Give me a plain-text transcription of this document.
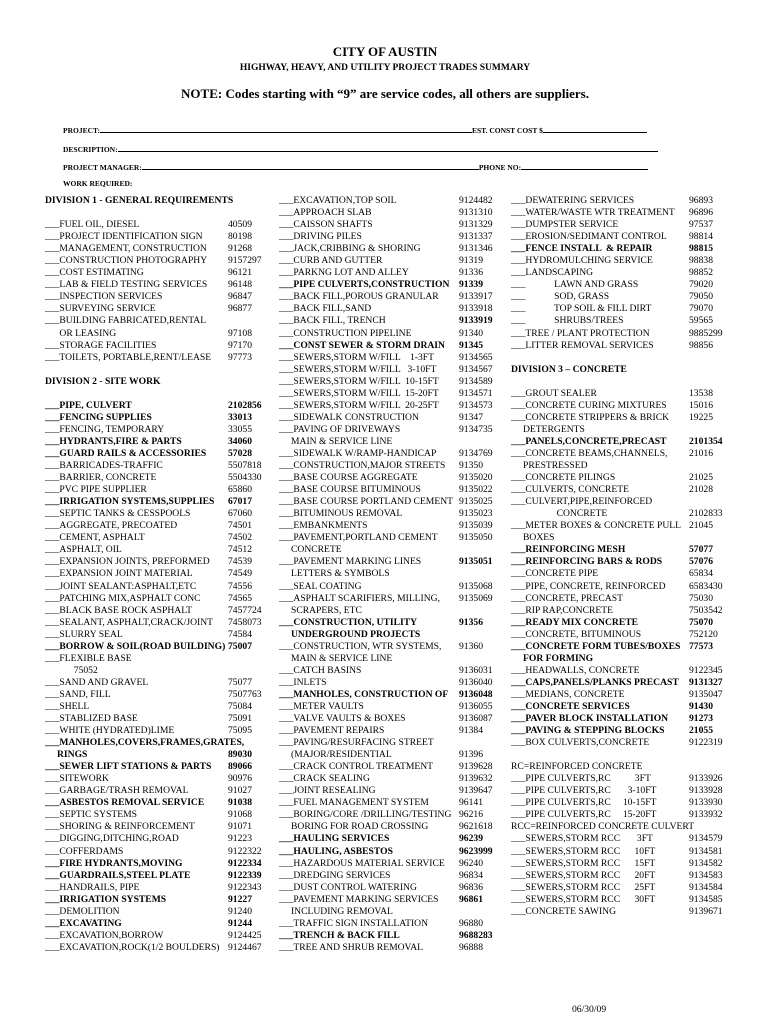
CITY OF AUSTIN
HIGHWAY, HEAVY, AND UTILITY PROJECT TRADES SUMMARY
NOTE: Codes starting with “9” are service codes, all others are suppliers.
PROJECT:	EST. CONST COST $
DESCRIPTION:
PROJECT MANAGER:	PHONE NO:
WORK REQUIRED:
DIVISION 1 - GENERAL REQUIREMENTS
___FUEL OIL, DIESEL	40509
___PROJECT IDENTIFICATION SIGN	80198
___MANAGEMENT, CONSTRUCTION 91268
___CONSTRUCTION PHOTOGRAPHY 9157297
___COST ESTIMATING	96121
___LAB & FIELD TESTING SERVICES 96148
___INSPECTION SERVICES	96847
___SURVEYING SERVICE	96877
___BUILDING FABRICATED,RENTAL
OR LEASING	97108
___STORAGE FACILITIES	97170
___TOILETS, PORTABLE,RENT/LEASE 97773
DIVISION 2 - SITE WORK
___PIPE, CULVERT	2102856
___FENCING SUPPLIES	33013
___FENCING, TEMPORARY	33055
___HYDRANTS,FIRE & PARTS	34060
___GUARD RAILS & ACCESSORIES 57028
___BARRICADES-TRAFFIC	5507818
___BARRIER, CONCRETE	5504330
___PVC PIPE SUPPLIER	65860
___IRRIGATION SYSTEMS,SUPPLIES 67017
___SEPTIC TANKS & CESSPOOLS	67060
___AGGREGATE, PRECOATED	74501
___CEMENT, ASPHALT	74502
___ASPHALT, OIL	74512
___EXPANSION JOINTS, PREFORMED 74539
___EXPANSION JOINT MATERIAL	74549
___JOINT SEALANT:ASPHALT,ETC	74556
___PATCHING MIX,ASPHALT CONC	74565
___BLACK BASE ROCK ASPHALT	7457724
___SEALANT, ASPHALT,CRACK/JOINT 7458073
___SLURRY SEAL	74584
___BORROW & SOIL(ROAD BUILDING) 75007
___FLEXIBLE BASE
75052
___SAND AND GRAVEL	75077
___SAND, FILL	7507763
___SHELL	75084
___STABLIZED BASE	75091
___WHITE (HYDRATED)LIME	75095
___MANHOLES,COVERS,FRAMES,GRATES,
RINGS	89030
___SEWER LIFT STATIONS & PARTS 89066
___SITEWORK	90976
___GARBAGE/TRASH REMOVAL	91027
___ASBESTOS REMOVAL SERVICE 91038
___SEPTIC SYSTEMS	91068
___SHORING & REINFORCEMENT	91071
___DIGGING,DITCHING,ROAD	91223
___COFFERDAMS	9122322
___FIRE HYDRANTS,MOVING	9122334
___GUARDRAILS,STEEL PLATE	9122339
___HANDRAILS, PIPE	9122343
___IRRIGATION SYSTEMS	91227
___DEMOLITION	91240
___EXCAVATING	91244
___EXCAVATION,BORROW	9124425
___EXCAVATION,ROCK(1/2 BOULDERS) 9124467
___EXCAVATION,TOP SOIL	9124482
___APPROACH SLAB	9131310
___CAISSON SHAFTS	9131329
___DRIVING PILES	9131337
___JACK,CRIBBING & SHORING	9131346
___CURB AND GUTTER	91319
___PARKNG LOT AND ALLEY	91336
___PIPE CULVERTS,CONSTRUCTION 91339
___BACK FILL,POROUS GRANULAR 9133917
___BACK FILL,SAND	9133918
___BACK FILL, TRENCH	9133919
___CONSTRUCTION PIPELINE	91340
___CONST SEWER & STORM DRAIN 91345
___SEWERS,STORM W/FILL    1-3FT	9134565
___SEWERS,STORM W/FILL   3-10FT 9134567
___SEWERS,STORM W/FILL  10-15FT 9134589
___SEWERS,STORM W/FILL  15-20FT 9134571
___SEWERS,STORM W/FILL  20-25FT 9134573
___SIDEWALK CONSTRUCTION	91347
___PAVING OF DRIVEWAYS	9134735
MAIN & SERVICE LINE
___SIDEWALK W/RAMP-HANDICAP 9134769
___CONSTRUCTION,MAJOR STREETS 91350
___BASE COURSE AGGREGATE	9135020
___BASE COURSE BITUMINOUS	9135022
___BASE COURSE PORTLAND CEMENT 9135025
___BITUMINOUS REMOVAL	9135023
___EMBANKMENTS	9135039
___PAVEMENT,PORTLAND CEMENT 9135050
CONCRETE
___PAVEMENT MARKING LINES	9135051
LETTERS & SYMBOLS
___SEAL COATING	9135068
___ASPHALT SCARIFIERS, MILLING, 9135069
SCRAPERS, ETC
___CONSTRUCTION, UTILITY	91356
UNDERGROUND PROJECTS
___CONSTRUCTION, WTR SYSTEMS, 91360
MAIN & SERVICE LINE
___CATCH BASINS	9136031
___INLETS	9136040
___MANHOLES, CONSTRUCTION OF 9136048
___METER VAULTS	9136055
___VALVE VAULTS & BOXES	9136087
___PAVEMENT REPAIRS	91384
___PAVING/RESURFACING STREET
(MAJOR/RESIDENTIAL	91396
___CRACK CONTROL TREATMENT	9139628
___CRACK SEALING	9139632
___JOINT RESEALING	9139647
___FUEL MANAGEMENT SYSTEM	96141
___BORING/CORE /DRILLING/TESTING 96216
BORING FOR ROAD CROSSING	9621618
___HAULING SERVICES	96239
___HAULING, ASBESTOS	9623999
___HAZARDOUS MATERIAL SERVICE 96240
___DREDGING SERVICES	96834
___DUST CONTROL WATERING	96836
___PAVEMENT MARKING SERVICES 96861
INCLUDING REMOVAL
___TRAFFIC SIGN INSTALLATION	96880
___TRENCH & BACK FILL	9688283
___TREE AND SHRUB REMOVAL	96888
___DEWATERING SERVICES	96893
___WATER/WASTE WTR TREATMENT 96896
___DUMPSTER SERVICE	97537
___EROSION/SEDIMANT CONTROL 98814
___FENCE INSTALL  & REPAIR	98815
___HYDROMULCHING SERVICE	98838
___LANDSCAPING	98852
___            LAWN AND GRASS	79020
___            SOD, GRASS	79050
___            TOP SOIL & FILL DIRT	79070
___            SHRUBS/TREES	59565
___TREE / PLANT PROTECTION	9885299
___LITTER REMOVAL SERVICES	98856
DIVISION 3 – CONCRETE
___GROUT SEALER	13538
___CONCRETE CURING MIXTURES 15016
___CONCRETE STRIPPERS & BRICK 19225
DETERGENTS
___PANELS,CONCRETE,PRECAST 2101354
___CONCRETE BEAMS,CHANNELS, 21016
PRESTRESSED
___CONCRETE PILINGS	21025
___CULVERTS, CONCRETE	21028
___CULVERT,PIPE,REINFORCED
CONCRETE	2102833
___METER BOXES & CONCRETE PULL 21045
BOXES
___REINFORCING MESH	57077
___REINFORCING BARS & RODS	57076
___CONCRETE PIPE	65834
___PIPE, CONCRETE, REINFORCED 6583430
___CONCRETE, PRECAST	75030
___RIP RAP,CONCRETE	7503542
___READY MIX CONCRETE	75070
___CONCRETE, BITUMINOUS	752120
___CONCRETE FORM TUBES/BOXES 77573
FOR FORMING
___HEADWALLS, CONCRETE	9122345
___CAPS,PANELS/PLANKS PRECAST 9131327
___MEDIANS, CONCRETE	9135047
___CONCRETE SERVICES	91430
___PAVER BLOCK INSTALLATION 91273
___PAVING & STEPPING BLOCKS	21055
___BOX CULVERTS,CONCRETE	9122319
RC=REINFORCED CONCRETE
___PIPE CULVERTS,RC          3FT	9133926
___PIPE CULVERTS,RC       3-10FT	9133928
___PIPE CULVERTS,RC     10-15FT	9133930
___PIPE CULVERTS,RC     15-20FT	9133932
RCC=REINFORCED CONCRETE CULVERT
___SEWERS,STORM RCC       3FT	9134579
___SEWERS,STORM RCC      10FT	9134581
___SEWERS,STORM RCC      15FT	9134582
___SEWERS,STORM RCC      20FT	9134583
___SEWERS,STORM RCC      25FT	9134584
___SEWERS,STORM RCC      30FT	9134585
___CONCRETE SAWING	9139671
06/30/09
